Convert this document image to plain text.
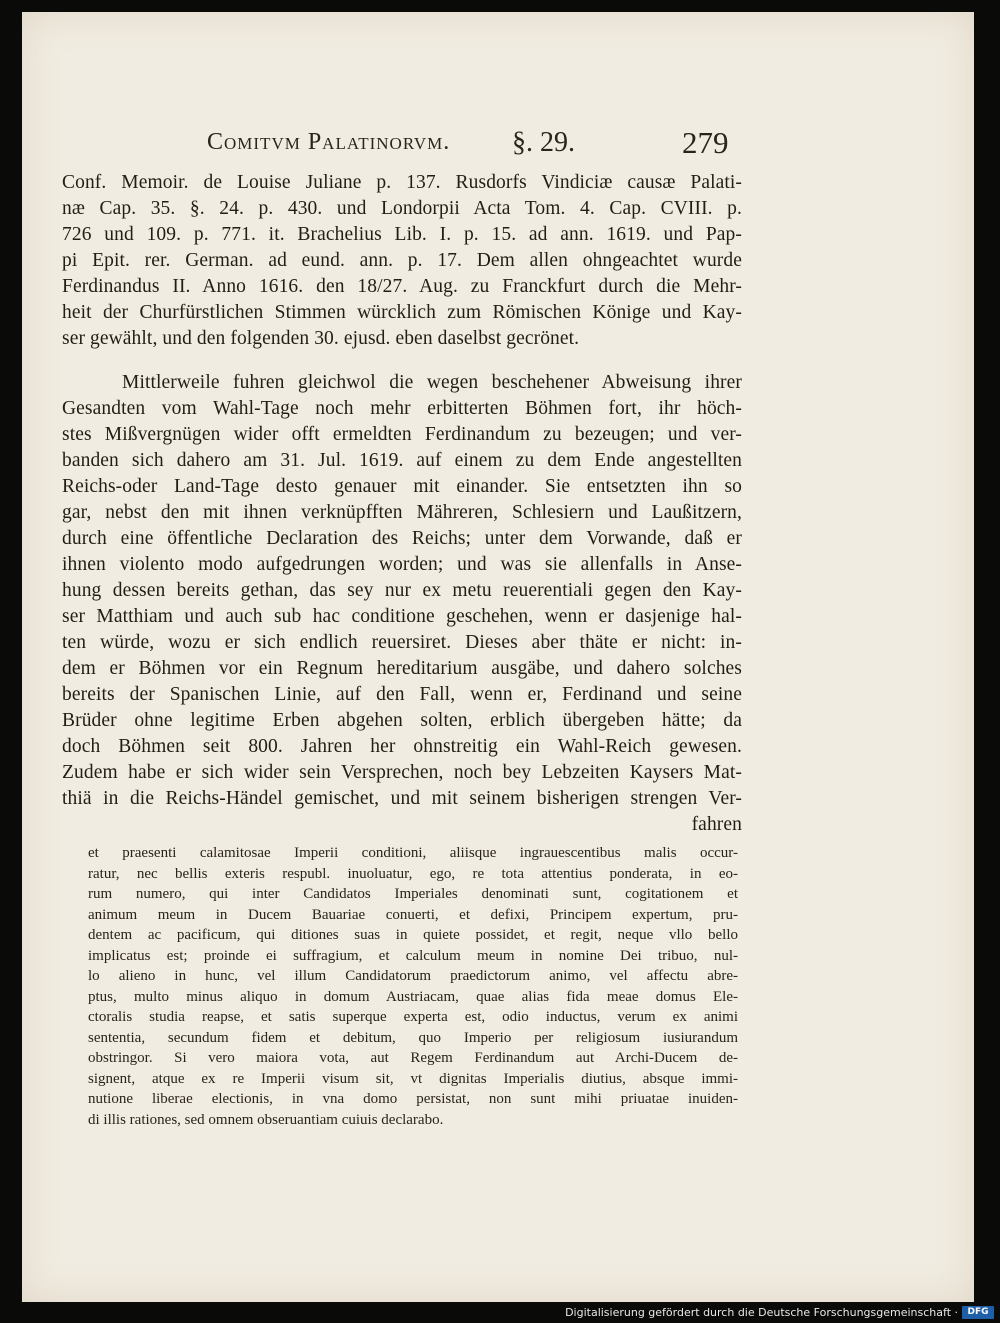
Comitvm Palatinorvm. §. 29.	279
Conf. Memoir. de Louise Juliane p. 137. Rusdorfs Vindiciæ causæ Palati-
næ Cap. 35. §. 24. p. 430. und Londorpii Acta Tom. 4. Cap. CVIII. p.
726 und 109. p. 771. it. Brachelius Lib. I. p. 15. ad ann. 1619. und Pap-
pi Epit. rer. German. ad eund. ann. p. 17. Dem allen ohngeachtet wurde
Ferdinandus II. Anno 1616. den 18/27. Aug. zu Franckfurt durch die Mehr-
heit der Churfürstlichen Stimmen würcklich zum Römischen Könige und Kay-
ser gewählt, und den folgenden 30. ejusd. eben daselbst gecrönet.
Mittlerweile fuhren gleichwol die wegen beschehener Abweisung ihrer
Gesandten vom Wahl-Tage noch mehr erbitterten Böhmen fort, ihr höch-
stes Mißvergnügen wider offt ermeldten Ferdinandum zu bezeugen; und ver-
banden sich dahero am 31. Jul. 1619. auf einem zu dem Ende angestellten
Reichs-oder Land-Tage desto genauer mit einander. Sie entsetzten ihn so
gar, nebst den mit ihnen verknüpfften Mähreren, Schlesiern und Laußitzern,
durch eine öffentliche Declaration des Reichs; unter dem Vorwande, daß er
ihnen violento modo aufgedrungen worden; und was sie allenfalls in Anse-
hung dessen bereits gethan, das sey nur ex metu reuerentiali gegen den Kay-
ser Matthiam und auch sub hac conditione geschehen, wenn er dasjenige hal-
ten würde, wozu er sich endlich reuersiret. Dieses aber thäte er nicht: in-
dem er Böhmen vor ein Regnum hereditarium ausgäbe, und dahero solches
bereits der Spanischen Linie, auf den Fall, wenn er, Ferdinand und seine
Brüder ohne legitime Erben abgehen solten, erblich übergeben hätte; da
doch Böhmen seit 800. Jahren her ohnstreitig ein Wahl-Reich gewesen.
Zudem habe er sich wider sein Versprechen, noch bey Lebzeiten Kaysers Mat-
thiä in die Reichs-Händel gemischet, und mit seinem bisherigen strengen Ver-
fahren
et praesenti calamitosae Imperii conditioni, aliisque ingrauescentibus malis occur-
ratur, nec bellis exteris respubl. inuoluatur, ego, re tota attentius ponderata, in eo-
rum numero, qui inter Candidatos Imperiales denominati sunt, cogitationem et
animum meum in Ducem Bauariae conuerti, et defixi, Principem expertum, pru-
dentem ac pacificum, qui ditiones suas in quiete possidet, et regit, neque vllo bello
implicatus est; proinde ei suffragium, et calculum meum in nomine Dei tribuo, nul-
lo alieno in hunc, vel illum Candidatorum praedictorum animo, vel affectu abre-
ptus, multo minus aliquo in domum Austriacam, quae alias fida meae domus Ele-
ctoralis studia reapse, et satis superque experta est, odio inductus, verum ex animi
sententia, secundum fidem et debitum, quo Imperio per religiosum iusiurandum
obstringor. Si vero maiora vota, aut Regem Ferdinandum aut Archi-Ducem de-
signent, atque ex re Imperii visum sit, vt dignitas Imperialis diutius, absque immi-
nutione liberae electionis, in vna domo persistat, non sunt mihi priuatae inuiden-
di illis rationes, sed omnem obseruantiam cuiuis declarabo.
Digitalisierung gefördert durch die Deutsche Forschungsgemeinschaft ·	DFG
